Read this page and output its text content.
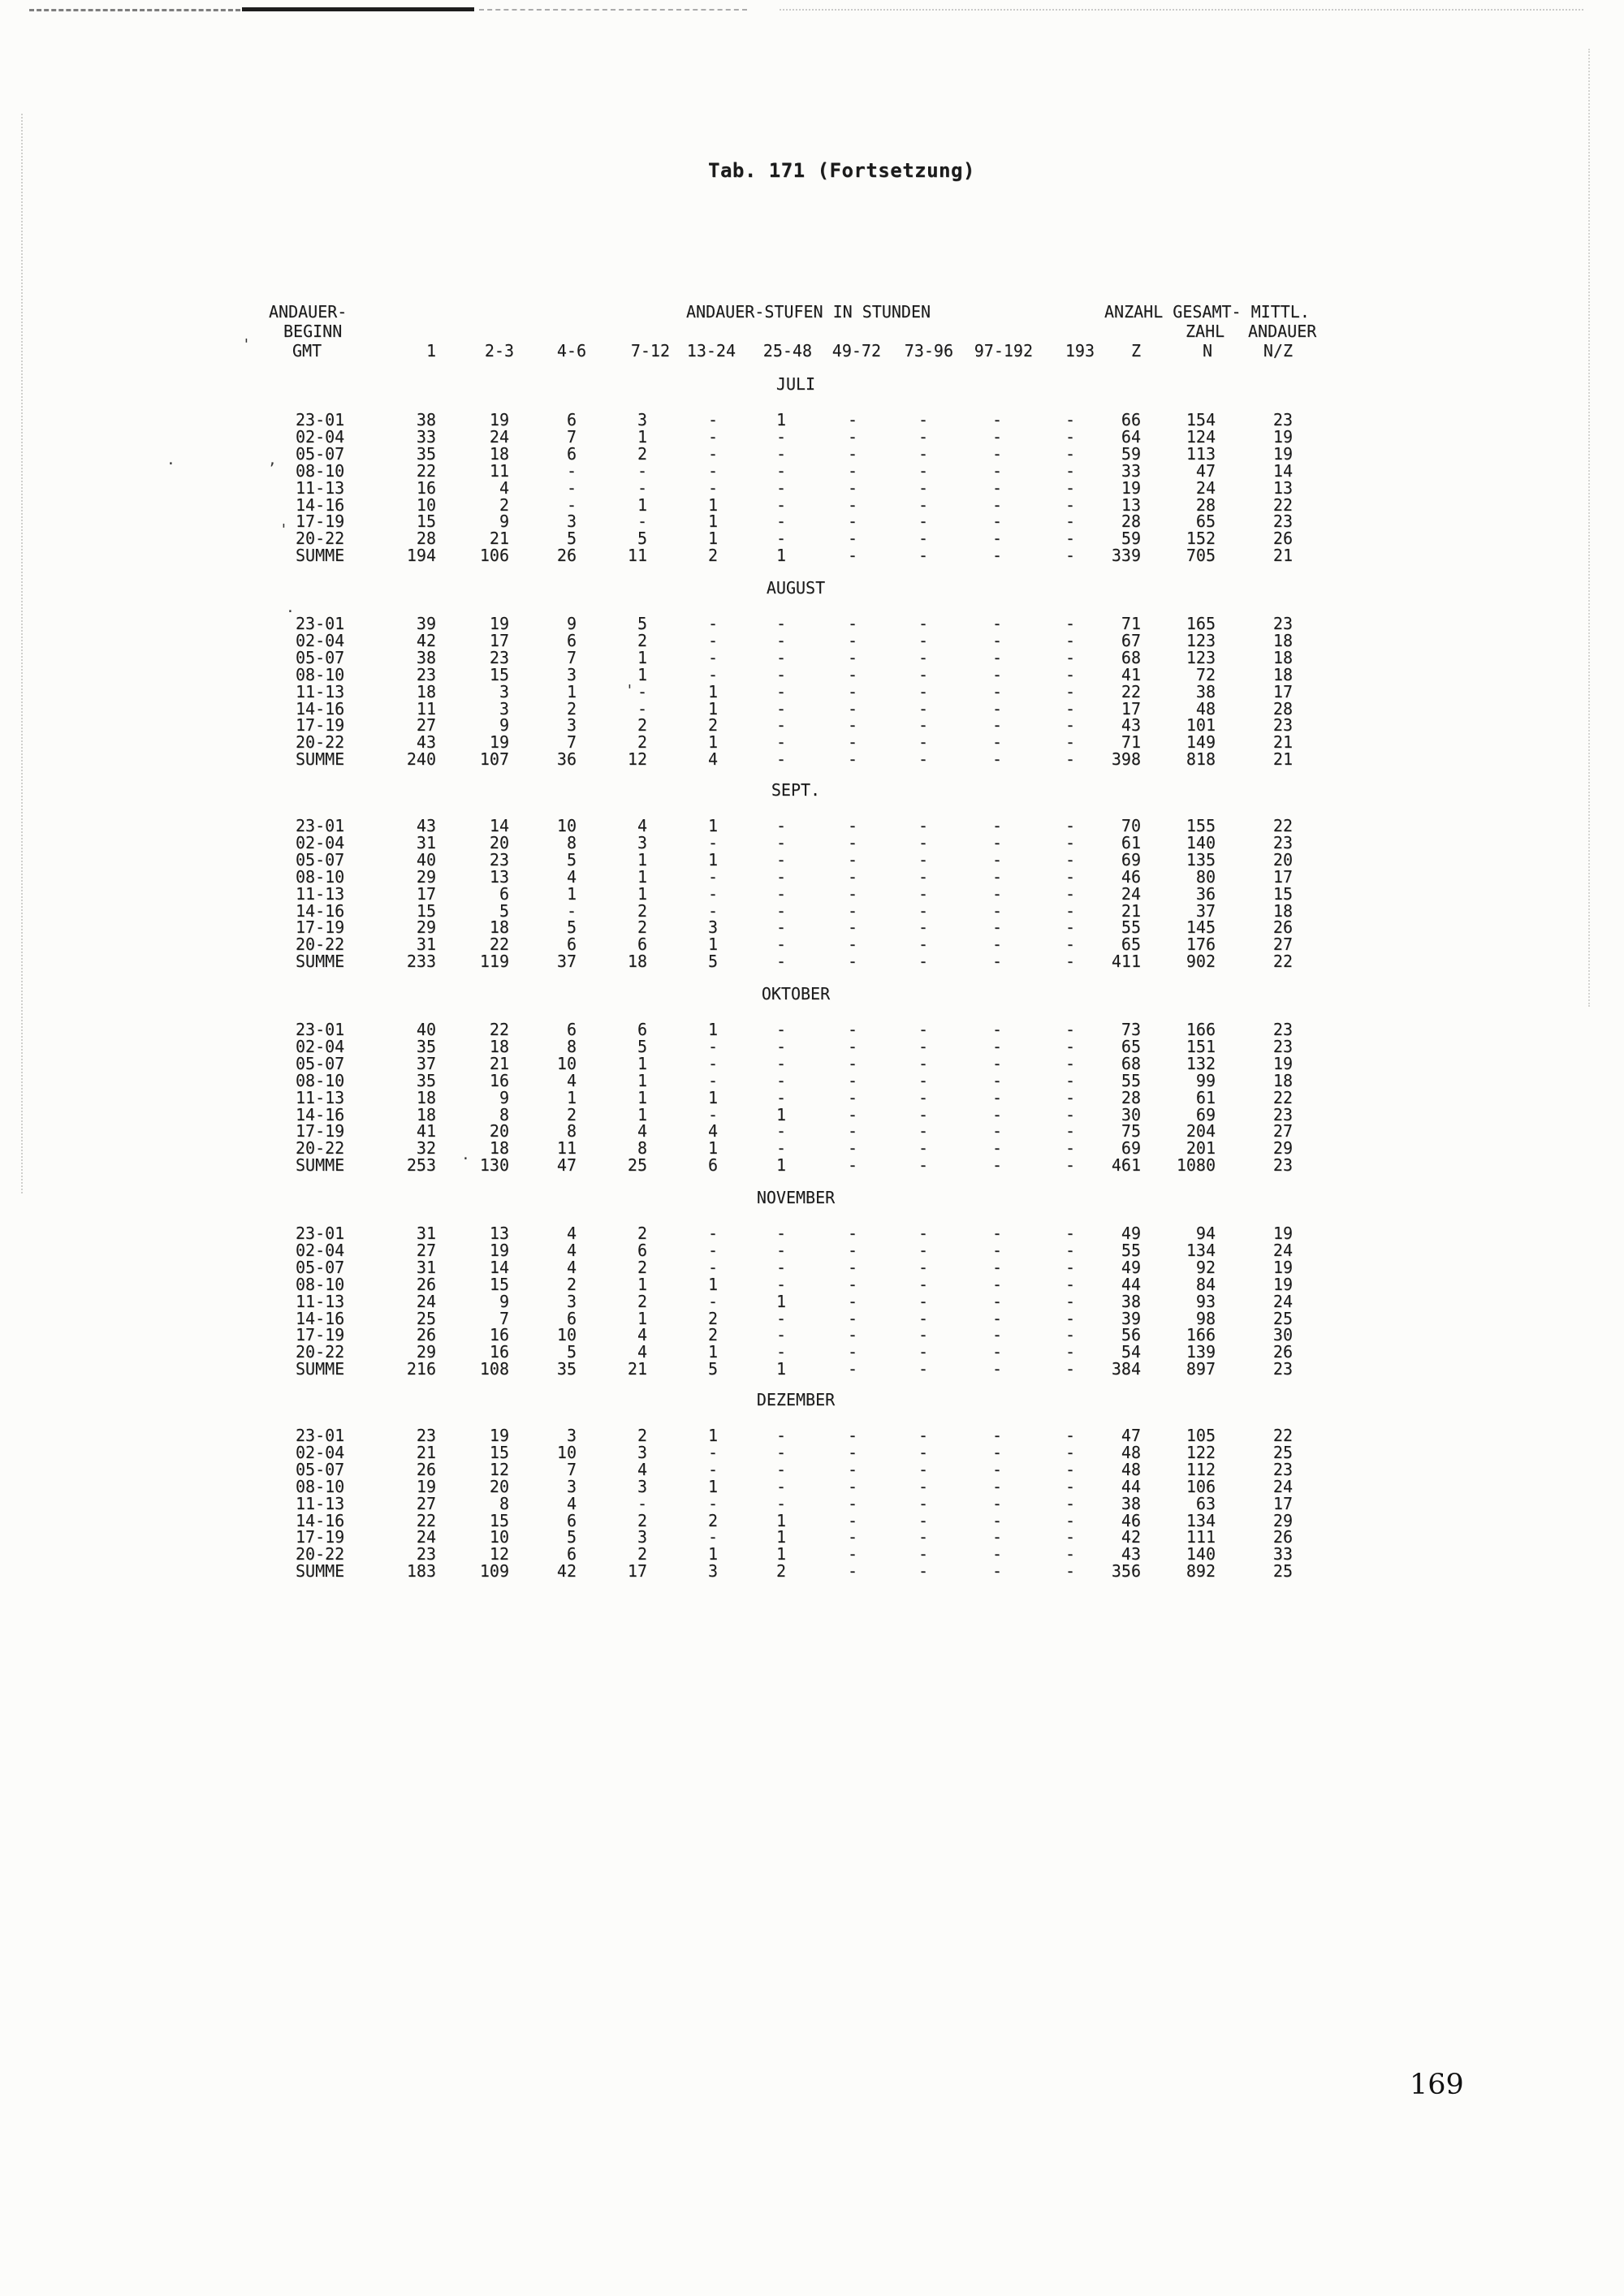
Tab. 171 (Fortsetzung)
ANDAUER-
BEGINN
GMT
ANDAUER-STUFEN IN STUNDEN	ANZAHL GESAMT- MITTL.
ZAHL ANDAUER
1	2-3	4-6	7-12	13-24	25-48	49-72	73-96	97-192	193	Z	N	N/Z
JULI
23-01	38	19	6	3	-	1	-	-	-	-	66	154	23
02-04	33	24	7	1	-	-	-	-	-	-	64	124	19
05-07	35	18	6	2	-	-	-	-	-	-	59	113	19
08-10	22	11	-	-	-	-	-	-	-	-	33	47	14
11-13	16	4	-	-	-	-	-	-	-	-	19	24	13
14-16	10	2	-	1	1	-	-	-	-	-	13	28	22
17-19	15	9	3	-	1	-	-	-	-	-	28	65	23
20-22	28	21	5	5	1	-	-	-	-	-	59	152	26
SUMME	194	106	26	11	2	1	-	-	-	-	339	705	21
AUGUST
23-01	39	19	9	5	-	-	-	-	-	-	71	165	23
02-04	42	17	6	2	-	-	-	-	-	-	67	123	18
05-07	38	23	7	1	-	-	-	-	-	-	68	123	18
08-10	23	15	3	1	-	-	-	-	-	-	41	72	18
11-13	18	3	1	-	1	-	-	-	-	-	22	38	17
14-16	11	3	2	-	1	-	-	-	-	-	17	48	28
17-19	27	9	3	2	2	-	-	-	-	-	43	101	23
20-22	43	19	7	2	1	-	-	-	-	-	71	149	21
SUMME	240	107	36	12	4	-	-	-	-	-	398	818	21
SEPT.
23-01	43	14	10	4	1	-	-	-	-	-	70	155	22
02-04	31	20	8	3	-	-	-	-	-	-	61	140	23
05-07	40	23	5	1	1	-	-	-	-	-	69	135	20
08-10	29	13	4	1	-	-	-	-	-	-	46	80	17
11-13	17	6	1	1	-	-	-	-	-	-	24	36	15
14-16	15	5	-	2	-	-	-	-	-	-	21	37	18
17-19	29	18	5	2	3	-	-	-	-	-	55	145	26
20-22	31	22	6	6	1	-	-	-	-	-	65	176	27
SUMME	233	119	37	18	5	-	-	-	-	-	411	902	22
OKTOBER
23-01	40	22	6	6	1	-	-	-	-	-	73	166	23
02-04	35	18	8	5	-	-	-	-	-	-	65	151	23
05-07	37	21	10	1	-	-	-	-	-	-	68	132	19
08-10	35	16	4	1	-	-	-	-	-	-	55	99	18
11-13	18	9	1	1	1	-	-	-	-	-	28	61	22
14-16	18	8	2	1	-	1	-	-	-	-	30	69	23
17-19	41	20	8	4	4	-	-	-	-	-	75	204	27
20-22	32	18	11	8	1	-	-	-	-	-	69	201	29
SUMME	253	130	47	25	6	1	-	-	-	-	461	1080	23
NOVEMBER
23-01	31	13	4	2	-	-	-	-	-	-	49	94	19
02-04	27	19	4	6	-	-	-	-	-	-	55	134	24
05-07	31	14	4	2	-	-	-	-	-	-	49	92	19
08-10	26	15	2	1	1	-	-	-	-	-	44	84	19
11-13	24	9	3	2	-	1	-	-	-	-	38	93	24
14-16	25	7	6	1	2	-	-	-	-	-	39	98	25
17-19	26	16	10	4	2	-	-	-	-	-	56	166	30
20-22	29	16	5	4	1	-	-	-	-	-	54	139	26
SUMME	216	108	35	21	5	1	-	-	-	-	384	897	23
DEZEMBER
23-01	23	19	3	2	1	-	-	-	-	-	47	105	22
02-04	21	15	10	3	-	-	-	-	-	-	48	122	25
05-07	26	12	7	4	-	-	-	-	-	-	48	112	23
08-10	19	20	3	3	1	-	-	-	-	-	44	106	24
11-13	27	8	4	-	-	-	-	-	-	-	38	63	17
14-16	22	15	6	2	2	1	-	-	-	-	46	134	29
17-19	24	10	5	3	-	1	-	-	-	-	42	111	26
20-22	23	12	6	2	1	1	-	-	-	-	43	140	33
SUMME	183	109	42	17	3	2	-	-	-	-	356	892	25
'
,
'
.
.
'
.
169
